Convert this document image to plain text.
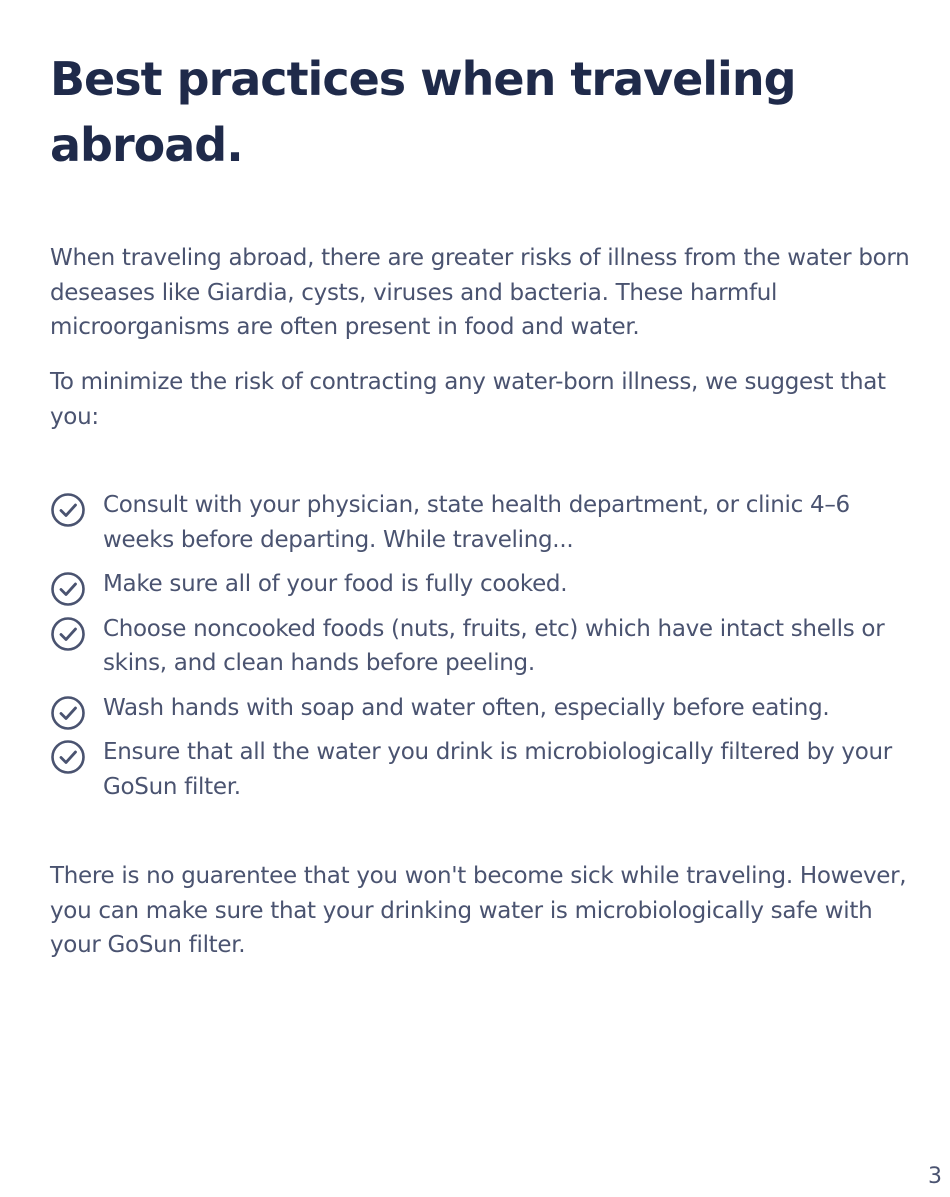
Best practices when traveling abroad.

When traveling abroad, there are greater risks of illness from the water born deseases like Giardia, cysts, viruses and bacteria. These harmful microorganisms are often present in food and water.

To minimize the risk of contracting any water-born illness, we suggest that you:

Consult with your physician, state health department, or clinic 4–6 weeks before departing. While traveling...
Make sure all of your food is fully cooked.
Choose noncooked foods (nuts, fruits, etc) which have intact shells or skins, and clean hands before peeling.
Wash hands with soap and water often, especially before eating.
Ensure that all the water you drink is microbiologically filtered by your GoSun filter.

There is no guarentee that you won't become sick while traveling. However, you can make sure that your drinking water is microbiologically safe with your GoSun filter.

3
